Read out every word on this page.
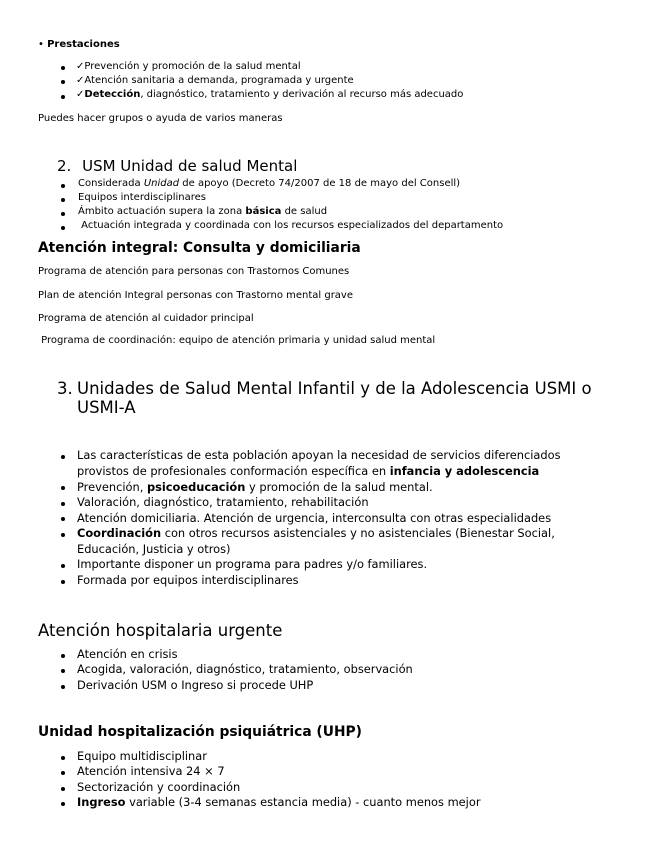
• Prestaciones
✓Prevención y promoción de la salud mental
✓Atención sanitaria a demanda, programada y urgente
✓Detección, diagnóstico, tratamiento y derivación al recurso más adecuado
Puedes hacer grupos o ayuda de varios maneras
2. USM Unidad de salud Mental
Considerada Unidad de apoyo (Decreto 74/2007 de 18 de mayo del Consell)
Equipos interdisciplinares
Ámbito actuación supera la zona básica de salud
Actuación integrada y coordinada con los recursos especializados del departamento
Atención integral: Consulta y domiciliaria
Programa de atención para personas con Trastornos Comunes
Plan de atención Integral personas con Trastorno mental grave
Programa de atención al cuidador principal
Programa de coordinación: equipo de atención primaria y unidad salud mental
3. Unidades de Salud Mental Infantil y de la Adolescencia USMI o
USMI-A
Las características de esta población apoyan la necesidad de servicios diferenciados
provistos de profesionales conformación específica en infancia y adolescencia
Prevención, psicoeducación y promoción de la salud mental.
Valoración, diagnóstico, tratamiento, rehabilitación
Atención domiciliaria. Atención de urgencia, interconsulta con otras especialidades
Coordinación con otros recursos asistenciales y no asistenciales (Bienestar Social,
Educación, Justicia y otros)
Importante disponer un programa para padres y/o familiares.
Formada por equipos interdisciplinares
Atención hospitalaria urgente
Atención en crisis
Acogida, valoración, diagnóstico, tratamiento, observación
Derivación USM o Ingreso si procede UHP
Unidad hospitalización psiquiátrica (UHP)
Equipo multidisciplinar
Atención intensiva 24 × 7
Sectorización y coordinación
Ingreso variable (3-4 semanas estancia media) - cuanto menos mejor
